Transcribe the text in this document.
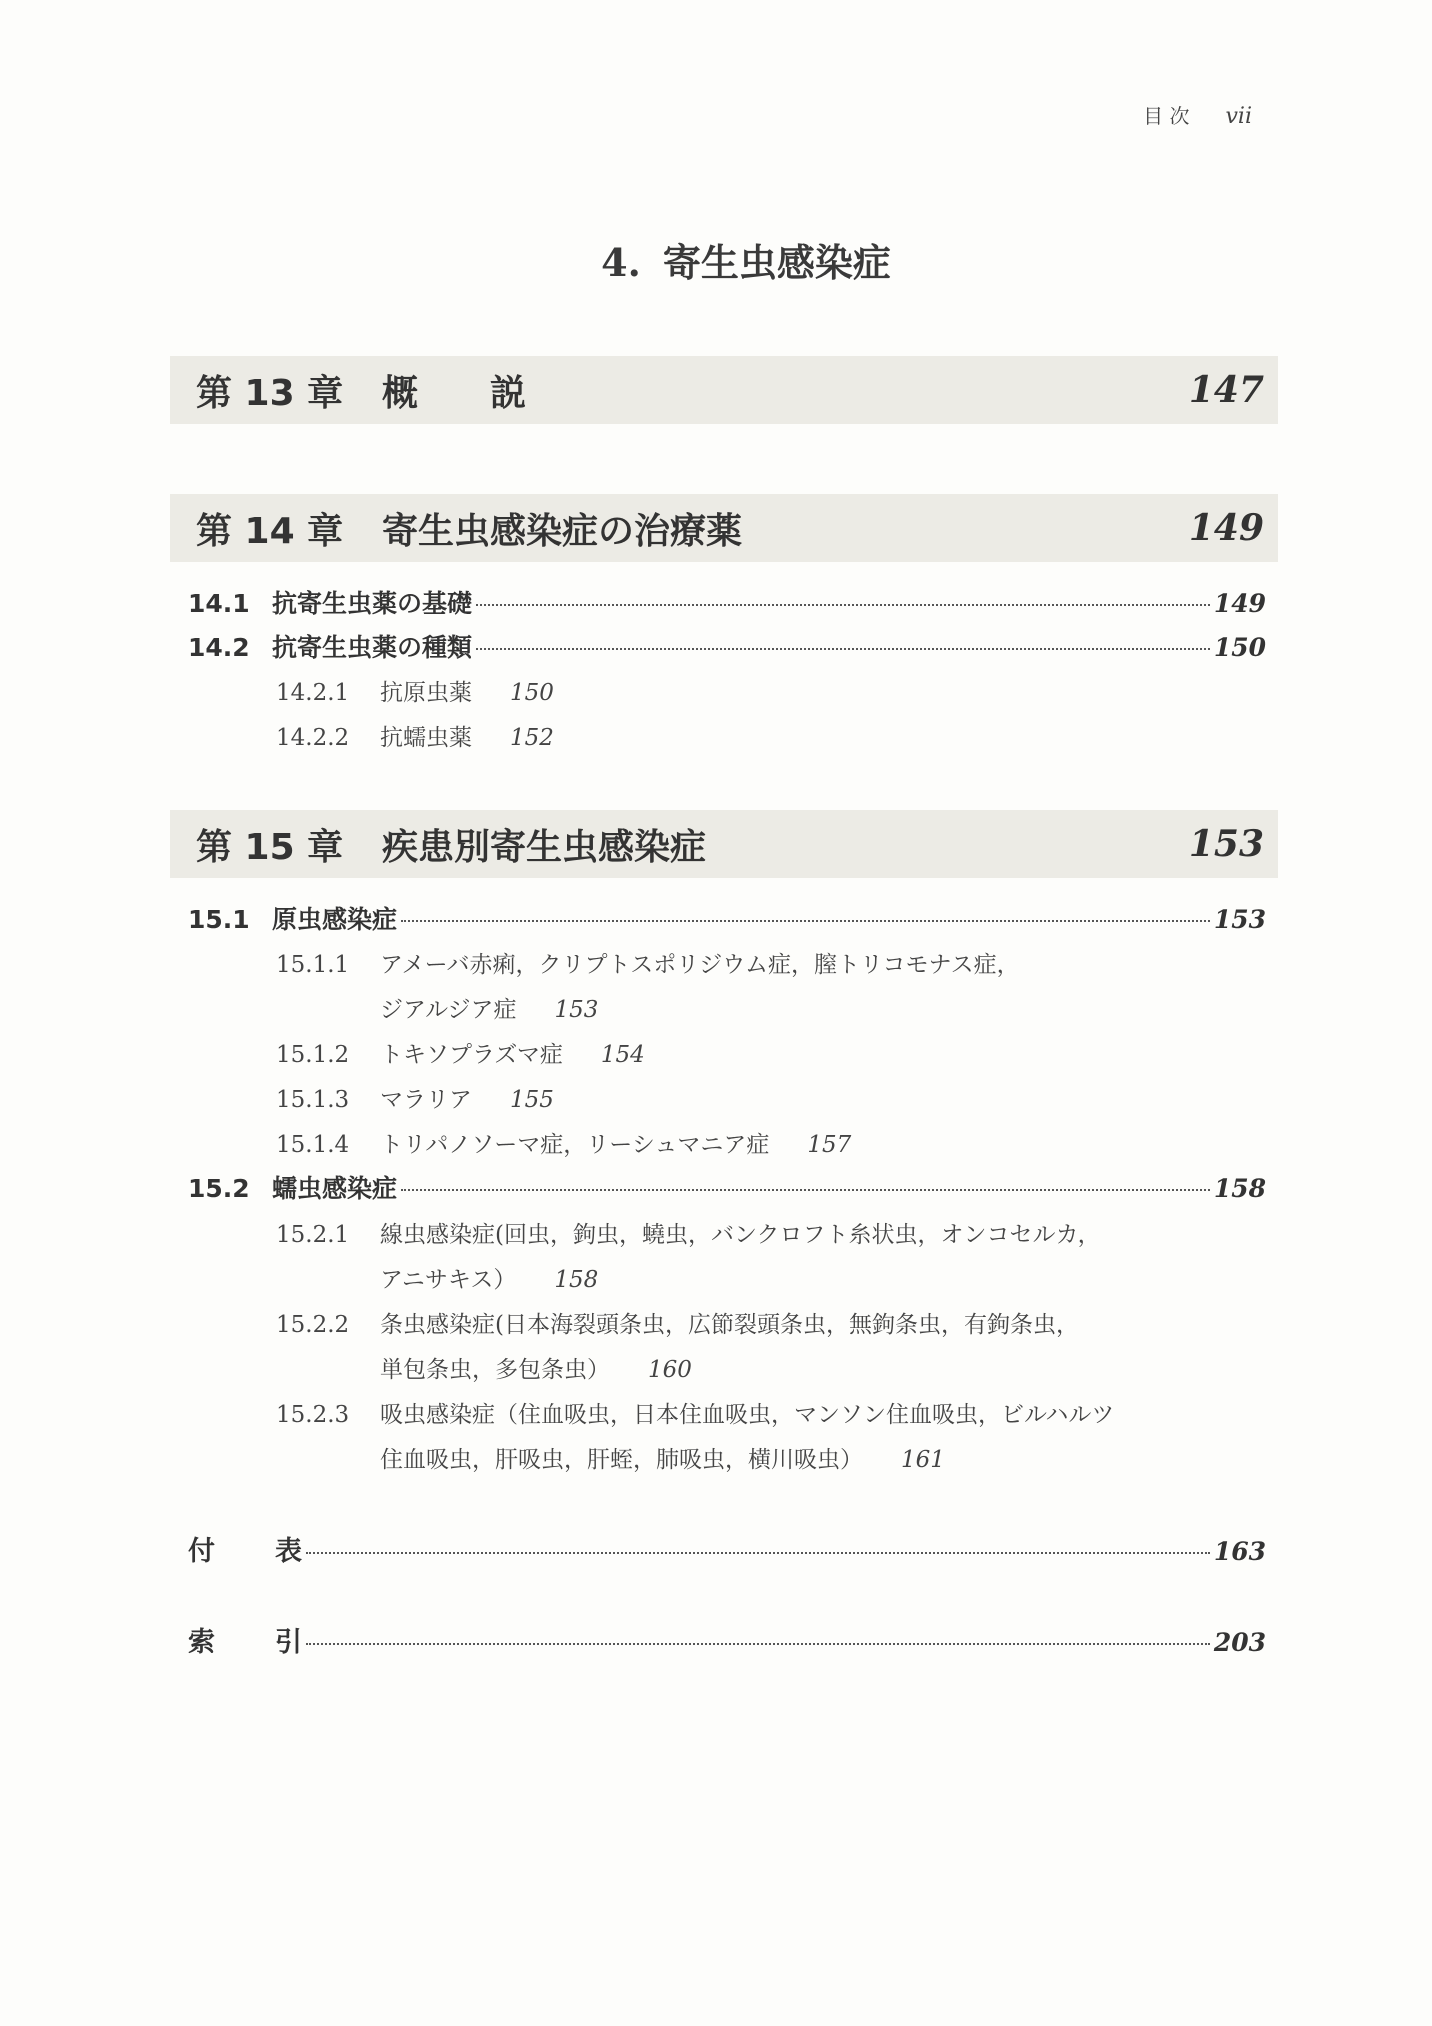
目 次 vii
4. 寄生虫感染症
第 13 章	概　　説	147
第 14 章	寄生虫感染症の治療薬	149
14.1 抗寄生虫薬の基礎	149
14.2 抗寄生虫薬の種類	150
14.2.1 抗原虫薬 150
14.2.2 抗蠕虫薬 152
第 15 章	疾患別寄生虫感染症	153
15.1 原虫感染症	153
15.1.1 アメーバ赤痢，クリプトスポリジウム症，膣トリコモナス症，
ジアルジア症 153
15.1.2 トキソプラズマ症 154
15.1.3 マラリア 155
15.1.4 トリパノソーマ症，リーシュマニア症 157
15.2 蠕虫感染症	158
15.2.1 線虫感染症(回虫，鉤虫，蟯虫，バンクロフト糸状虫，オンコセルカ，
アニサキス） 158
15.2.2 条虫感染症(日本海裂頭条虫，広節裂頭条虫，無鉤条虫，有鉤条虫，
単包条虫，多包条虫） 160
15.2.3 吸虫感染症（住血吸虫，日本住血吸虫，マンソン住血吸虫，ビルハルツ
住血吸虫，肝吸虫，肝蛭，肺吸虫，横川吸虫） 161
付表	163
索引	203
